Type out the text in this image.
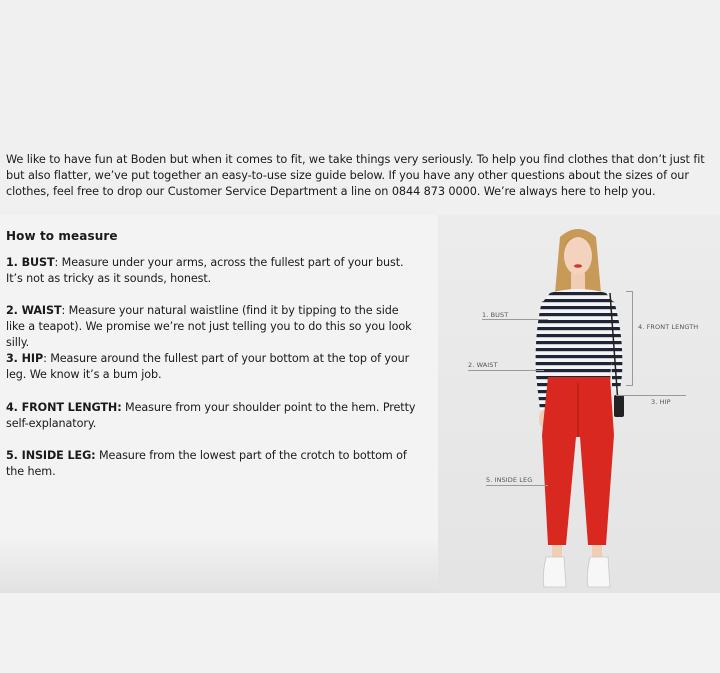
We like to have fun at Boden but when it comes to fit, we take things very seriously. To help you find clothes that don’t just fit but also flatter, we’ve put together an easy-to-use size guide below. If you have any other questions about the sizes of our clothes, feel free to drop our Customer Service Department a line on 0844 873 0000. We’re always here to help you.

How to measure

1. BUST: Measure under your arms, across the fullest part of your bust. It’s not as tricky as it sounds, honest.

2. WAIST: Measure your natural waistline (find it by tipping to the side like a teapot). We promise we’re not just telling you to do this so you look silly.

3. HIP: Measure around the fullest part of your bottom at the top of your leg. We know it’s a bum job.

4. FRONT LENGTH: Measure from your shoulder point to the hem. Pretty self-explanatory.

5. INSIDE LEG: Measure from the lowest part of the crotch to bottom of the hem.

1. BUST
4. FRONT LENGTH
2. WAIST
3. HIP
5. INSIDE LEG
